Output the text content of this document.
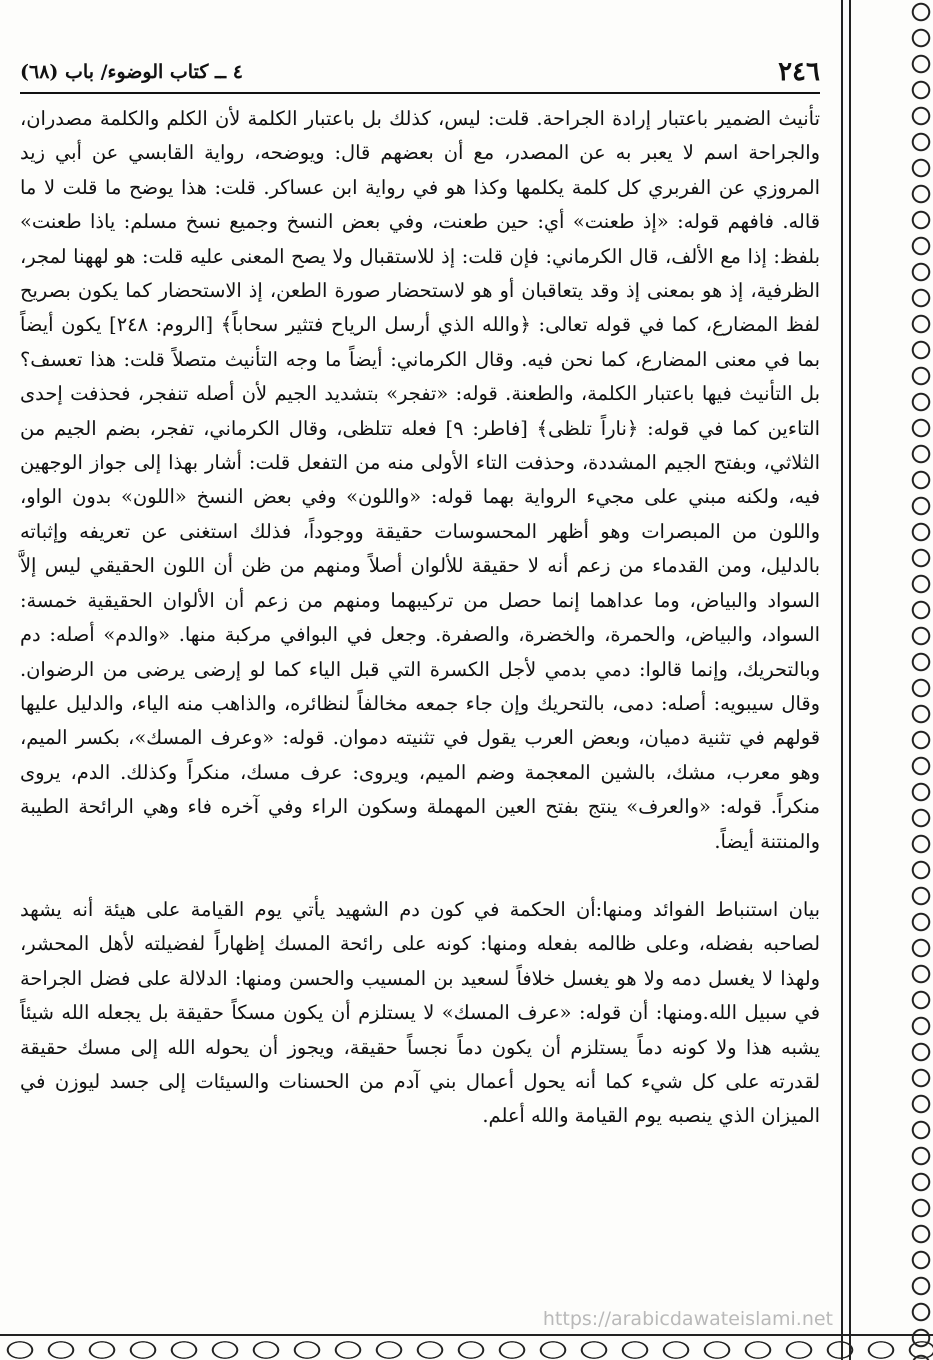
٢٤٦
٤ ــ كتاب الوضوء/ باب (٦٨)

تأنيث الضمير باعتبار إرادة الجراحة. قلت: ليس، كذلك بل باعتبار الكلمة لأن الكلم والكلمة مصدران، والجراحة اسم لا يعبر به عن المصدر، مع أن بعضهم قال: ويوضحه، رواية القابسي عن أبي زيد المروزي عن الفربري كل كلمة يكلمها وكذا هو في رواية ابن عساكر. قلت: هذا يوضح ما قلت لا ما قاله. فافهم قوله: «إذ طعنت» أي: حين طعنت، وفي بعض النسخ وجميع نسخ مسلم: ياذا طعنت» بلفظ: إذا مع الألف، قال الكرماني: فإن قلت: إذ للاستقبال ولا يصح المعنى عليه قلت: هو لههنا لمجر، الظرفية، إذ هو بمعنى إذ وقد يتعاقبان أو هو لاستحضار صورة الطعن، إذ الاستحضار كما يكون بصريح لفظ المضارع، كما في قوله تعالى: ﴿والله الذي أرسل الرياح فتثير سحاباً﴾ [الروم: ٢٤٨] يكون أيضاً بما في معنى المضارع، كما نحن فيه. وقال الكرماني: أيضاً ما وجه التأنيث متصلاً قلت: هذا تعسف؟ بل التأنيث فيها باعتبار الكلمة، والطعنة. قوله: «تفجر» بتشديد الجيم لأن أصله تنفجر، فحذفت إحدى التاءين كما في قوله: ﴿ناراً تلظى﴾ [فاطر: ٩] فعله تتلظى، وقال الكرماني، تفجر، بضم الجيم من الثلاثي، وبفتح الجيم المشددة، وحذفت التاء الأولى منه من التفعل قلت: أشار بهذا إلى جواز الوجهين فيه، ولكنه مبني على مجيء الرواية بهما قوله: «واللون» وفي بعض النسخ «اللون» بدون الواو، واللون من المبصرات وهو أظهر المحسوسات حقيقة ووجوداً، فذلك استغنى عن تعريفه وإثباته بالدليل، ومن القدماء من زعم أنه لا حقيقة للألوان أصلاً ومنهم من ظن أن اللون الحقيقي ليس إلاَّ السواد والبياض، وما عداهما إنما حصل من تركيبهما ومنهم من زعم أن الألوان الحقيقية خمسة: السواد، والبياض، والحمرة، والخضرة، والصفرة. وجعل في البوافي مركبة منها. «والدم» أصله: دم وبالتحريك، وإنما قالوا: دمي بدمي لأجل الكسرة التي قبل الياء كما لو إرضى يرضى من الرضوان. وقال سيبويه: أصله: دمى، بالتحريك وإن جاء جمعه مخالفاً لنظائره، والذاهب منه الياء، والدليل عليها قولهم في تثنية دميان، وبعض العرب يقول في تثنيته دموان. قوله: «وعرف المسك»، بكسر الميم، وهو معرب، مشك، بالشين المعجمة وضم الميم، ويروى: عرف مسك، منكراً وكذلك. الدم، يروى منكراً. قوله: «والعرف» ينتج بفتح العين المهملة وسكون الراء وفي آخره فاء وهي الرائحة الطيبة والمنتنة أيضاً.

بيان استنباط الفوائد ومنها:أن الحكمة في كون دم الشهيد يأتي يوم القيامة على هيئة أنه يشهد لصاحبه بفضله، وعلى ظالمه بفعله ومنها: كونه على رائحة المسك إظهاراً لفضيلته لأهل المحشر، ولهذا لا يغسل دمه ولا هو يغسل خلافاً لسعيد بن المسيب والحسن ومنها: الدلالة على فضل الجراحة في سبيل الله.ومنها: أن قوله: «عرف المسك» لا يستلزم أن يكون مسكاً حقيقة بل يجعله الله شيئاً يشبه هذا ولا كونه دماً يستلزم أن يكون دماً نجساً حقيقة، ويجوز أن يحوله الله إلى مسك حقيقة لقدرته على كل شيء كما أنه يحول أعمال بني آدم من الحسنات والسيئات إلى جسد ليوزن في الميزان الذي ينصبه يوم القيامة والله أعلم.

https://arabicdawateislami.net
